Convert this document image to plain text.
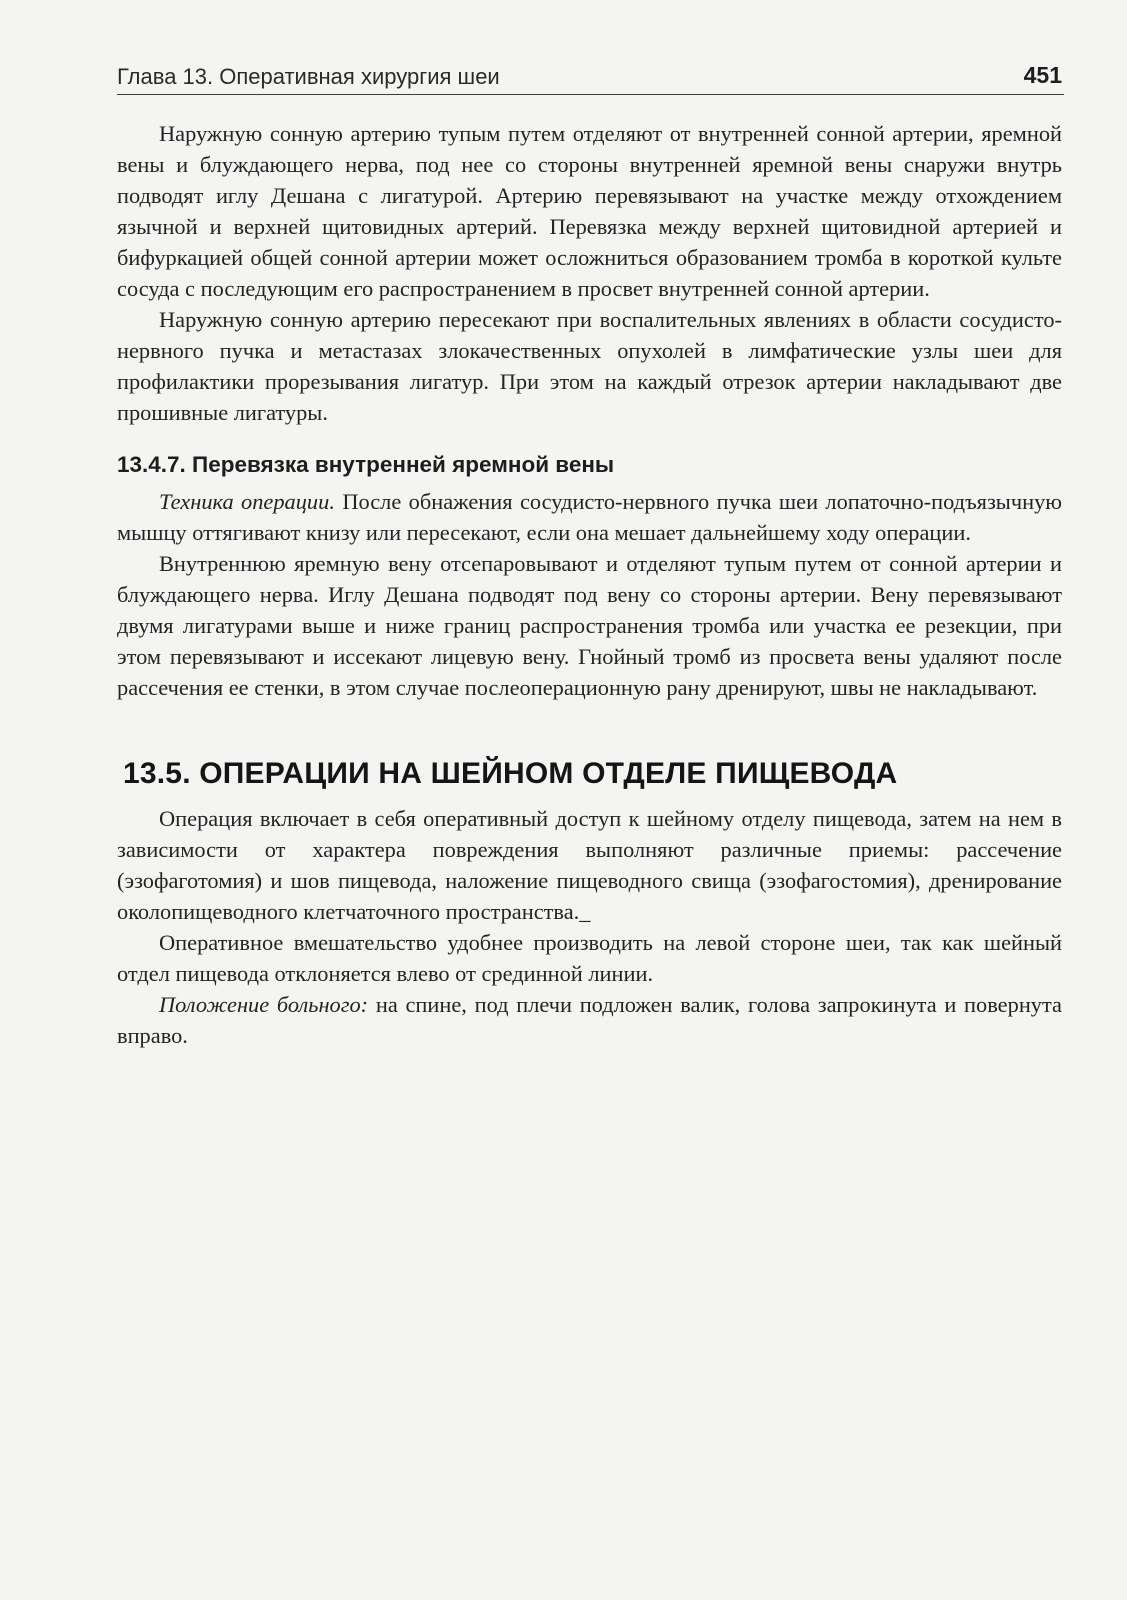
Глава 13. Оперативная хирургия шеи	451

Наружную сонную артерию тупым путем отделяют от внутренней сонной артерии, яремной вены и блуждающего нерва, под нее со стороны внутренней яремной вены снаружи внутрь подводят иглу Дешана с лигатурой. Артерию перевязывают на участке между отхождением язычной и верхней щитовидных артерий. Перевязка между верхней щитовидной артерией и бифуркацией общей сонной артерии может осложниться образованием тромба в короткой культе сосуда с последующим его распространением в просвет внутренней сонной артерии.

Наружную сонную артерию пересекают при воспалительных явлениях в области сосудисто-нервного пучка и метастазах злокачественных опухолей в лимфатические узлы шеи для профилактики прорезывания лигатур. При этом на каждый отрезок артерии накладывают две прошивные лигатуры.

13.4.7. Перевязка внутренней яремной вены

Техника операции. После обнажения сосудисто-нервного пучка шеи лопаточно-подъязычную мышцу оттягивают книзу или пересекают, если она мешает дальнейшему ходу операции.

Внутреннюю яремную вену отсепаровывают и отделяют тупым путем от сонной артерии и блуждающего нерва. Иглу Дешана подводят под вену со стороны артерии. Вену перевязывают двумя лигатурами выше и ниже границ распространения тромба или участка ее резекции, при этом перевязывают и иссекают лицевую вену. Гнойный тромб из просвета вены удаляют после рассечения ее стенки, в этом случае послеоперационную рану дренируют, швы не накладывают.

13.5. ОПЕРАЦИИ НА ШЕЙНОМ ОТДЕЛЕ ПИЩЕВОДА

Операция включает в себя оперативный доступ к шейному отделу пищевода, затем на нем в зависимости от характера повреждения выполняют различные приемы: рассечение (эзофаготомия) и шов пищевода, наложение пищеводного свища (эзофагостомия), дренирование околопищеводного клетчаточного пространства._

Оперативное вмешательство удобнее производить на левой стороне шеи, так как шейный отдел пищевода отклоняется влево от срединной линии.

Положение больного: на спине, под плечи подложен валик, голова запрокинута и повернута вправо.
